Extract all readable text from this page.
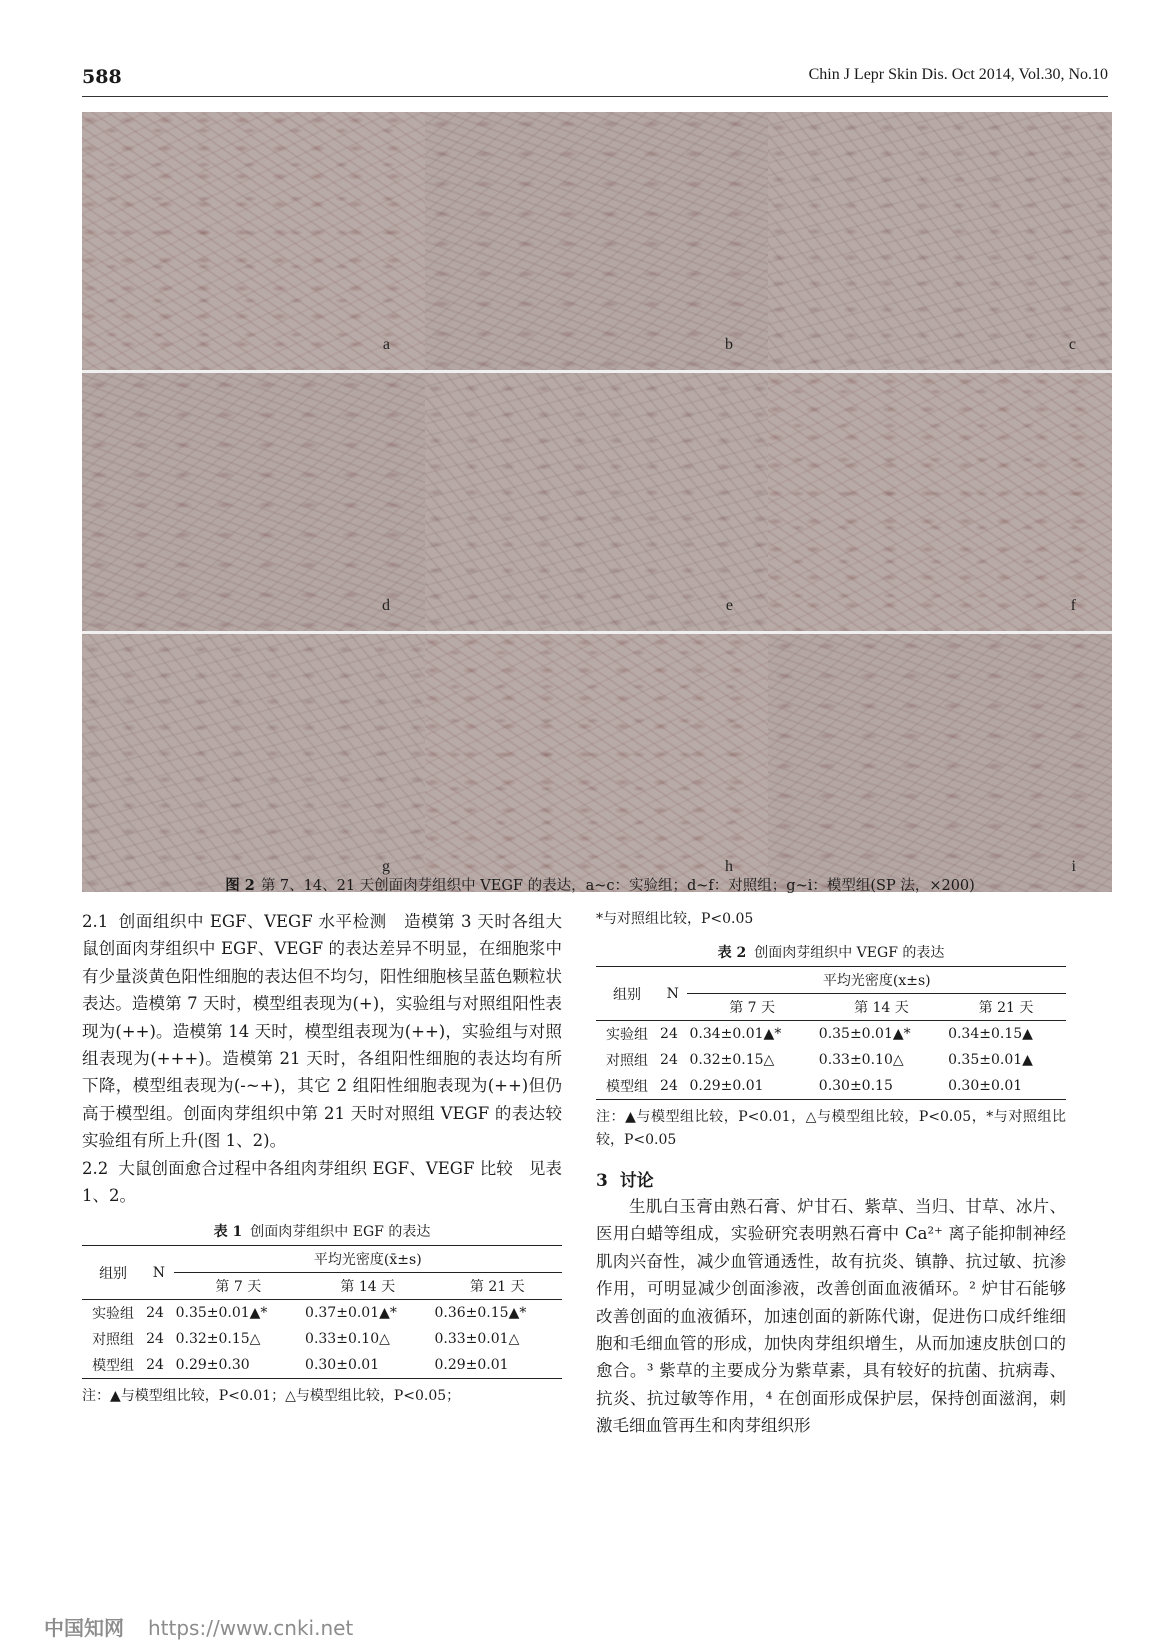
588	Chin J Lepr Skin Dis. Oct 2014, Vol.30, No.10
a	b	c
d	e	f
g	h	i
图 2 第 7、14、21 天创面肉芽组织中 VEGF 的表达，a~c：实验组；d~f：对照组；g~i：模型组(SP 法，×200)

2.1 创面组织中 EGF、VEGF 水平检测 造模第 3 天时各组大鼠创面肉芽组织中 EGF、VEGF 的表达差异不明显，在细胞浆中有少量淡黄色阳性细胞的表达但不均匀，阳性细胞核呈蓝色颗粒状表达。造模第 7 天时，模型组表现为(+)，实验组与对照组阳性表现为(++)。造模第 14 天时，模型组表现为(++)，实验组与对照组表现为(+++)。造模第 21 天时，各组阳性细胞的表达均有所下降，模型组表现为(-~+)，其它 2 组阳性细胞表现为(++)但仍高于模型组。创面肉芽组织中第 21 天时对照组 VEGF 的表达较实验组有所上升(图 1、2)。

2.2 大鼠创面愈合过程中各组肉芽组织 EGF、VEGF 比较 见表 1、2。

表 1 创面肉芽组织中 EGF 的表达
组别	N	平均光密度(x̄±s)		
		第 7 天	第 14 天	第 21 天
实验组	24	0.35±0.01▲*	0.37±0.01▲*	0.36±0.15▲*
对照组	24	0.32±0.15△	0.33±0.10△	0.33±0.01△
模型组	24	0.29±0.30	0.30±0.01	0.29±0.01
注：▲与模型组比较，P<0.01；△与模型组比较，P<0.05；
*与对照组比较，P<0.05
表 2 创面肉芽组织中 VEGF 的表达
组别	N	平均光密度(x±s)		
		第 7 天	第 14 天	第 21 天
实验组	24	0.34±0.01▲*	0.35±0.01▲*	0.34±0.15▲
对照组	24	0.32±0.15△	0.33±0.10△	0.35±0.01▲
模型组	24	0.29±0.01	0.30±0.15	0.30±0.01
注：▲与模型组比较，P<0.01，△与模型组比较，P<0.05，*与对照组比较，P<0.05
3 讨论

生肌白玉膏由熟石膏、炉甘石、紫草、当归、甘草、冰片、医用白蜡等组成，实验研究表明熟石膏中 Ca²⁺ 离子能抑制神经肌肉兴奋性，减少血管通透性，故有抗炎、镇静、抗过敏、抗渗作用，可明显减少创面渗液，改善创面血液循环。² 炉甘石能够改善创面的血液循环，加速创面的新陈代谢，促进伤口成纤维细胞和毛细血管的形成，加快肉芽组织增生，从而加速皮肤创口的愈合。³ 紫草的主要成分为紫草素，具有较好的抗菌、抗病毒、抗炎、抗过敏等作用，⁴ 在创面形成保护层，保持创面滋润，刺激毛细血管再生和肉芽组织形

中国知网 https://www.cnki.net
